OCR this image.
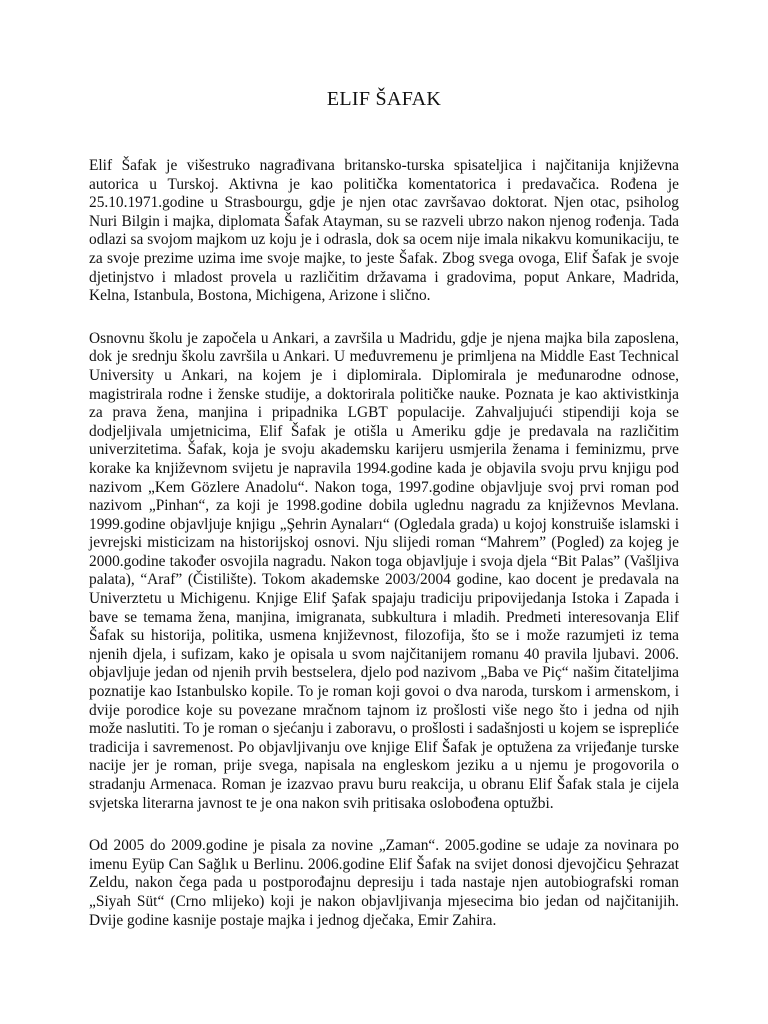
ELIF ŠAFAK

Elif Šafak je višestruko nagrađivana britansko-turska spisateljica i najčitanija književna autorica u Turskoj. Aktivna je kao politička komentatorica i predavačica. Rođena je 25.10.1971.godine u Strasbourgu, gdje je njen otac završavao doktorat. Njen otac, psiholog Nuri Bilgin i majka, diplomata Šafak Atayman, su se razveli ubrzo nakon njenog rođenja. Tada odlazi sa svojom majkom uz koju je i odrasla, dok sa ocem nije imala nikakvu komunikaciju, te za svoje prezime uzima ime svoje majke, to jeste Šafak. Zbog svega ovoga, Elif Šafak je svoje djetinjstvo i mladost provela u različitim državama i gradovima, poput Ankare, Madrida, Kelna, Istanbula, Bostona, Michigena, Arizone i slično.

Osnovnu školu je započela u Ankari, a završila u Madridu, gdje je njena majka bila zaposlena, dok je srednju školu završila u Ankari. U međuvremenu je primljena na Middle East Technical University u Ankari, na kojem je i diplomirala. Diplomirala je međunarodne odnose, magistrirala rodne i ženske studije, a doktorirala političke nauke. Poznata je kao aktivistkinja za prava žena, manjina i pripadnika LGBT populacije. Zahvaljujući stipendiji koja se dodjeljivala umjetnicima, Elif Šafak je otišla u Ameriku gdje je predavala na različitim univerzitetima. Šafak, koja je svoju akademsku karijeru usmjerila ženama i feminizmu, prve korake ka književnom svijetu je napravila 1994.godine kada je objavila svoju prvu knjigu pod nazivom „Kem Gözlere Anadolu“. Nakon toga, 1997.godine objavljuje svoj prvi roman pod nazivom „Pinhan“, za koji je 1998.godine dobila uglednu nagradu za književnos Mevlana. 1999.godine objavljuje knjigu „Şehrin Aynaları“ (Ogledala grada) u kojoj konstruiše islamski i jevrejski misticizam na historijskoj osnovi. Nju slijedi roman “Mahrem” (Pogled) za kojeg je 2000.godine također osvojila nagradu. Nakon toga objavljuje i svoja djela “Bit Palas” (Vašljiva palata), “Araf” (Čistilište). Tokom akademske 2003/2004 godine, kao docent je predavala na Univerztetu u Michigenu. Knjige Elif Şafak spajaju tradiciju pripovijedanja Istoka i Zapada i bave se temama žena, manjina, imigranata, subkultura i mladih. Predmeti interesovanja Elif Šafak su historija, politika, usmena književnost, filozofija, što se i može razumjeti iz tema njenih djela, i sufizam, kako je opisala u svom najčitanijem romanu 40 pravila ljubavi. 2006. objavljuje jedan od njenih prvih bestselera, djelo pod nazivom „Baba ve Piç“ našim čitateljima poznatije kao Istanbulsko kopile. To je roman koji govoi o dva naroda, turskom i armenskom, i dvije porodice koje su povezane mračnom tajnom iz prošlosti više nego što i jedna od njih može naslutiti. To je roman o sjećanju i zaboravu, o prošlosti i sadašnjosti u kojem se isprepliće tradicija i savremenost. Po objavljivanju ove knjige Elif Šafak je optužena za vrijeđanje turske nacije jer je roman, prije svega, napisala na engleskom jeziku a u njemu je progovorila o stradanju Armenaca. Roman je izazvao pravu buru reakcija, u obranu Elif Šafak stala je cijela svjetska literarna javnost te je ona nakon svih pritisaka oslobođena optužbi.

Od 2005 do 2009.godine je pisala za novine „Zaman“. 2005.godine se udaje za novinara po imenu Eyüp Can Sağlık u Berlinu. 2006.godine Elif Šafak na svijet donosi djevojčicu Şehrazat Zeldu, nakon čega pada u postporođajnu depresiju i tada nastaje njen autobiografski roman „Siyah Süt“ (Crno mlijeko) koji je nakon objavljivanja mjesecima bio jedan od najčitanijih. Dvije godine kasnije postaje majka i jednog dječaka, Emir Zahira.
